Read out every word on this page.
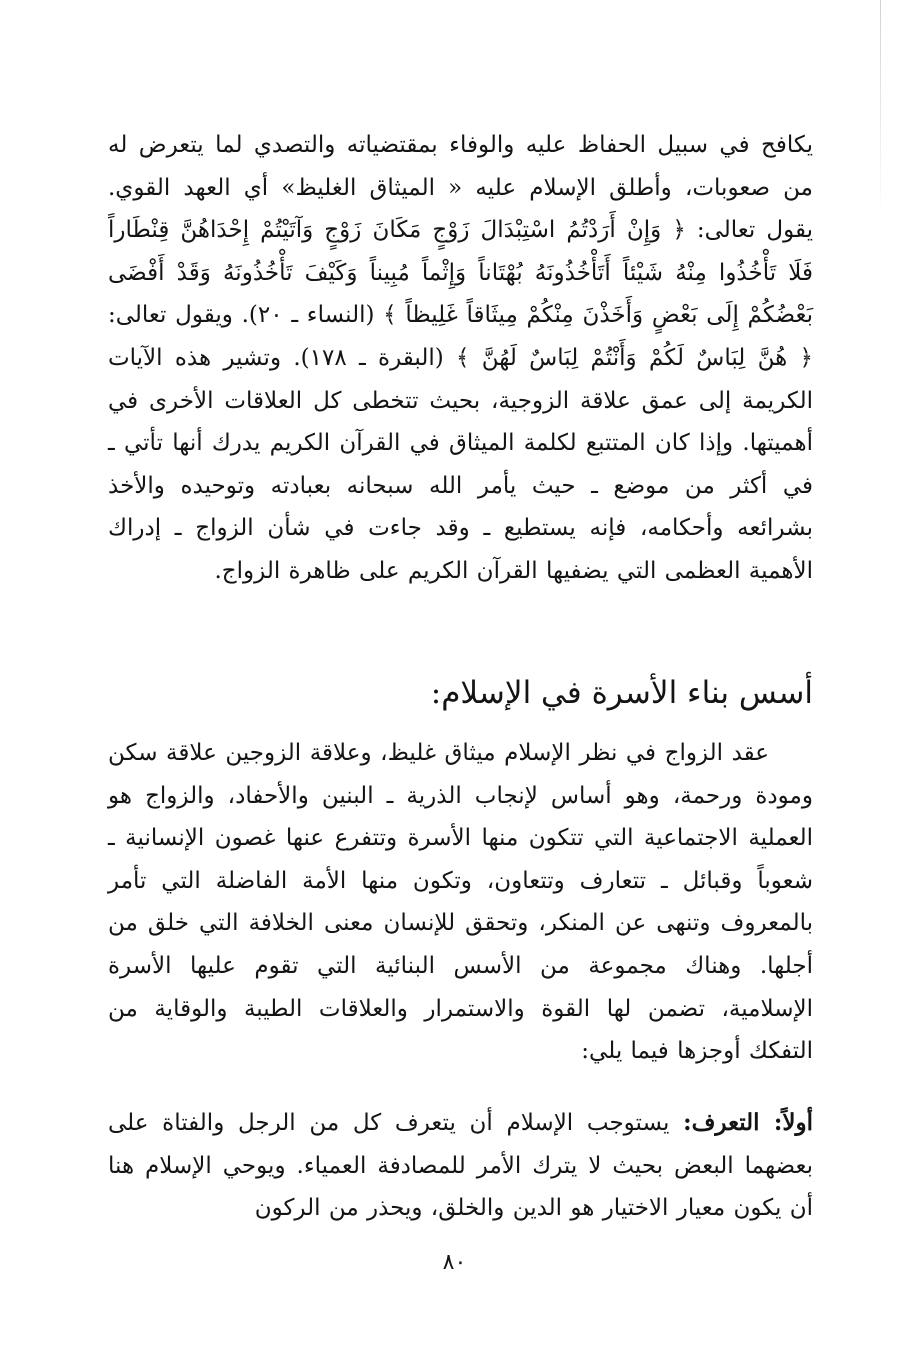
يكافح في سبيل الحفاظ عليه والوفاء بمقتضياته والتصدي لما يتعرض له من صعوبات، وأطلق الإسلام عليه « الميثاق الغليظ» أي العهد القوي. يقول تعالى: ﴿ وَإِنْ أَرَدْتُمُ اسْتِبْدَالَ زَوْجٍ مَكَانَ زَوْجٍ وَآتَيْتُمْ إِحْدَاهُنَّ قِنْطَاراً فَلَا تَأْخُذُوا مِنْهُ شَيْئاً أَتَأْخُذُونَهُ بُهْتَاناً وَإِثْماً مُبِيناً وَكَيْفَ تَأْخُذُونَهُ وَقَدْ أَفْضَى بَعْضُكُمْ إِلَى بَعْضٍ وَأَخَذْنَ مِنْكُمْ مِيثَاقاً غَلِيظاً ﴾ (النساء ـ ٢٠). ويقول تعالى: ﴿ هُنَّ لِبَاسٌ لَكُمْ وَأَنْتُمْ لِبَاسٌ لَهُنَّ ﴾ (البقرة ـ ١٧٨). وتشير هذه الآيات الكريمة إلى عمق علاقة الزوجية، بحيث تتخطى كل العلاقات الأخرى في أهميتها. وإذا كان المتتبع لكلمة الميثاق في القرآن الكريم يدرك أنها تأتي ـ في أكثر من موضع ـ حيث يأمر الله سبحانه بعبادته وتوحيده والأخذ بشرائعه وأحكامه، فإنه يستطيع ـ وقد جاءت في شأن الزواج ـ إدراك الأهمية العظمى التي يضفيها القرآن الكريم على ظاهرة الزواج.

أسس بناء الأسرة في الإسلام:

عقد الزواج في نظر الإسلام ميثاق غليظ، وعلاقة الزوجين علاقة سكن ومودة ورحمة، وهو أساس لإنجاب الذرية ـ البنين والأحفاد، والزواج هو العملية الاجتماعية التي تتكون منها الأسرة وتتفرع عنها غصون الإنسانية ـ شعوباً وقبائل ـ تتعارف وتتعاون، وتكون منها الأمة الفاضلة التي تأمر بالمعروف وتنهى عن المنكر، وتحقق للإنسان معنى الخلافة التي خلق من أجلها. وهناك مجموعة من الأسس البنائية التي تقوم عليها الأسرة الإسلامية، تضمن لها القوة والاستمرار والعلاقات الطيبة والوقاية من التفكك أوجزها فيما يلي:

أولاً: التعرف: يستوجب الإسلام أن يتعرف كل من الرجل والفتاة على بعضهما البعض بحيث لا يترك الأمر للمصادفة العمياء. ويوحي الإسلام هنا أن يكون معيار الاختيار هو الدين والخلق، ويحذر من الركون

٨٠
